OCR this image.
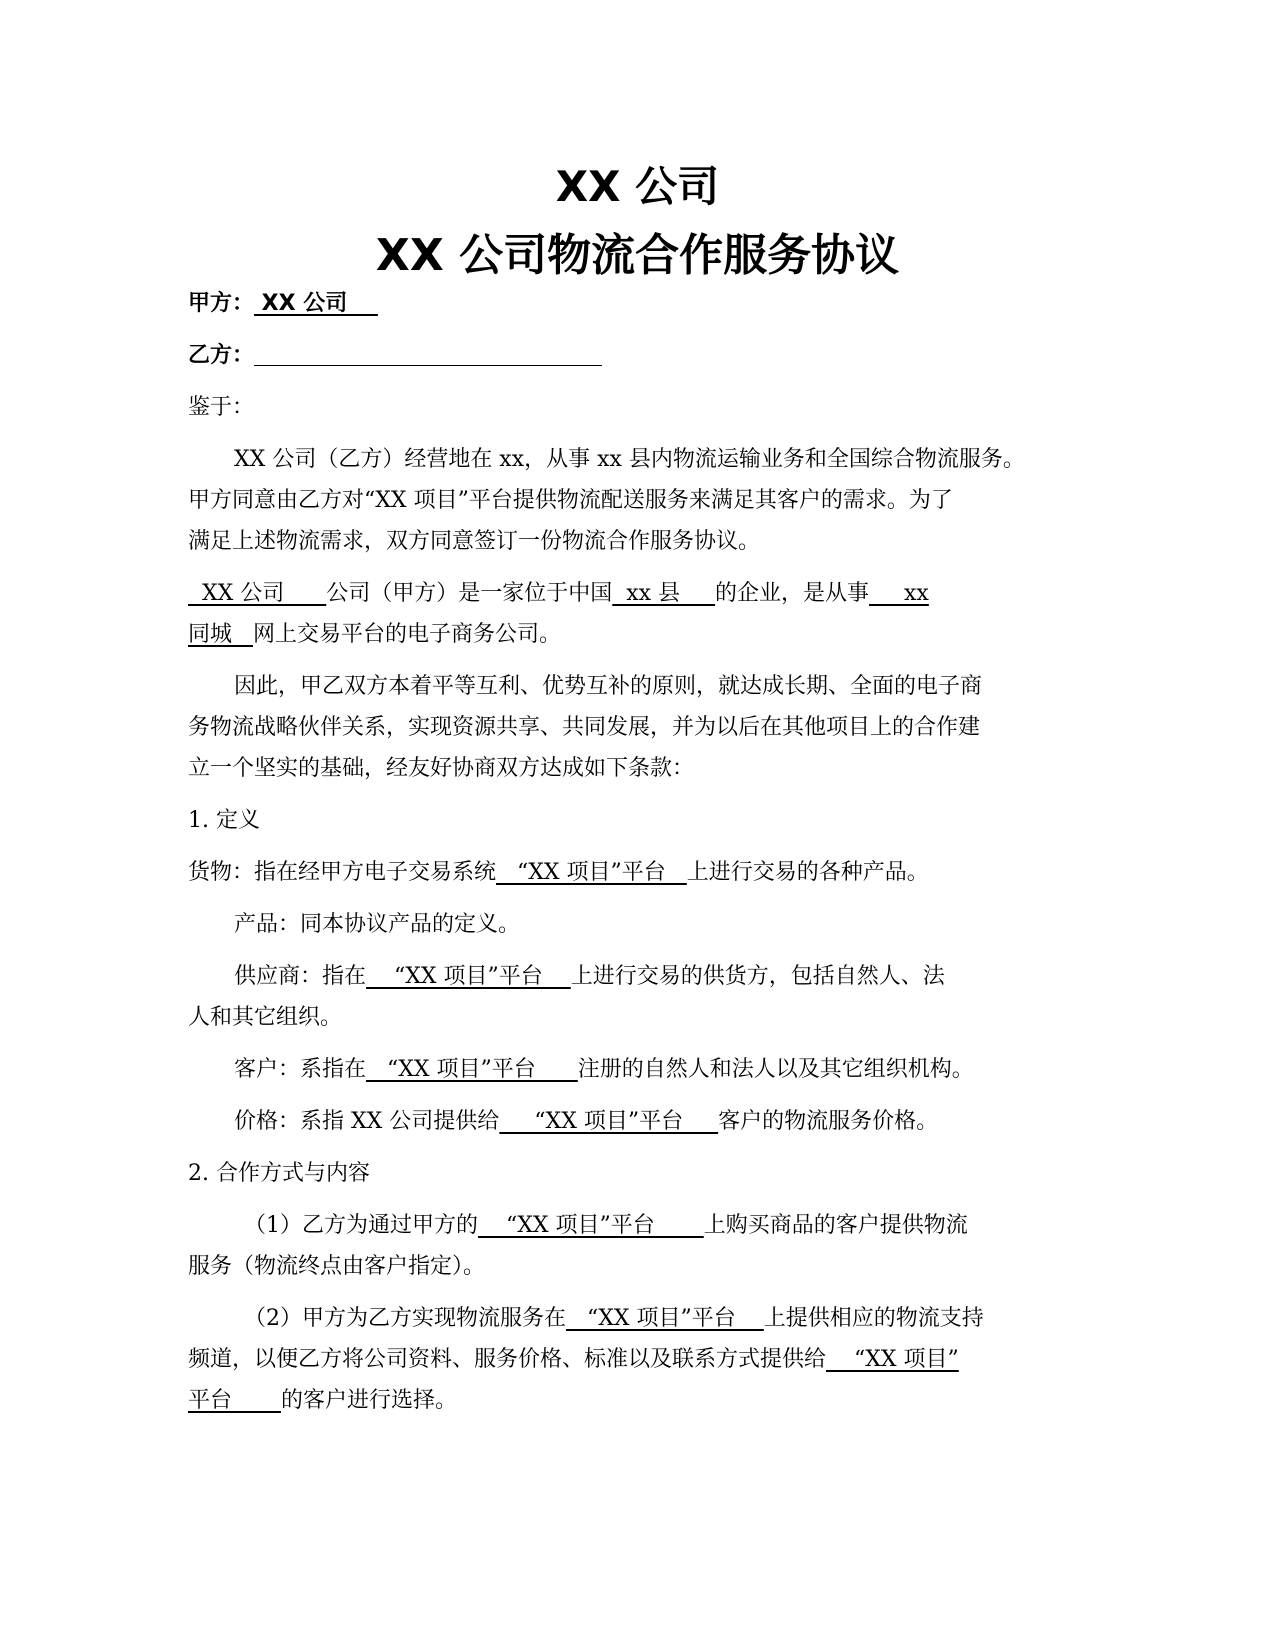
XX 公司
XX 公司物流合作服务协议

甲方： XX 公司

乙方：

鉴于：

XX 公司（乙方）经营地在 xx，从事 xx 县内物流运输业务和全国综合物流服务。

甲方同意由乙方对“XX 项目”平台提供物流配送服务来满足其客户的需求。为了

满足上述物流需求，双方同意签订一份物流合作服务协议。

XX 公司      公司（甲方）是一家位于中国  xx 县     的企业，是从事     xx

同城   网上交易平台的电子商务公司。

因此，甲乙双方本着平等互利、优势互补的原则，就达成长期、全面的电子商

务物流战略伙伴关系，实现资源共享、共同发展，并为以后在其他项目上的合作建

立一个坚实的基础，经友好协商双方达成如下条款：

1. 定义

货物：指在经甲方电子交易系统   “XX 项目”平台   上进行交易的各种产品。

产品：同本协议产品的定义。

供应商：指在    “XX 项目”平台    上进行交易的供货方，包括自然人、法

人和其它组织。

客户：系指在   “XX 项目”平台      注册的自然人和法人以及其它组织机构。

价格：系指 XX 公司提供给     “XX 项目”平台     客户的物流服务价格。

2. 合作方式与内容

（1）乙方为通过甲方的    “XX 项目”平台       上购买商品的客户提供物流

服务（物流终点由客户指定）。

（2）甲方为乙方实现物流服务在   “XX 项目”平台    上提供相应的物流支持

频道，以便乙方将公司资料、服务价格、标准以及联系方式提供给    “XX 项目”

平台       的客户进行选择。
